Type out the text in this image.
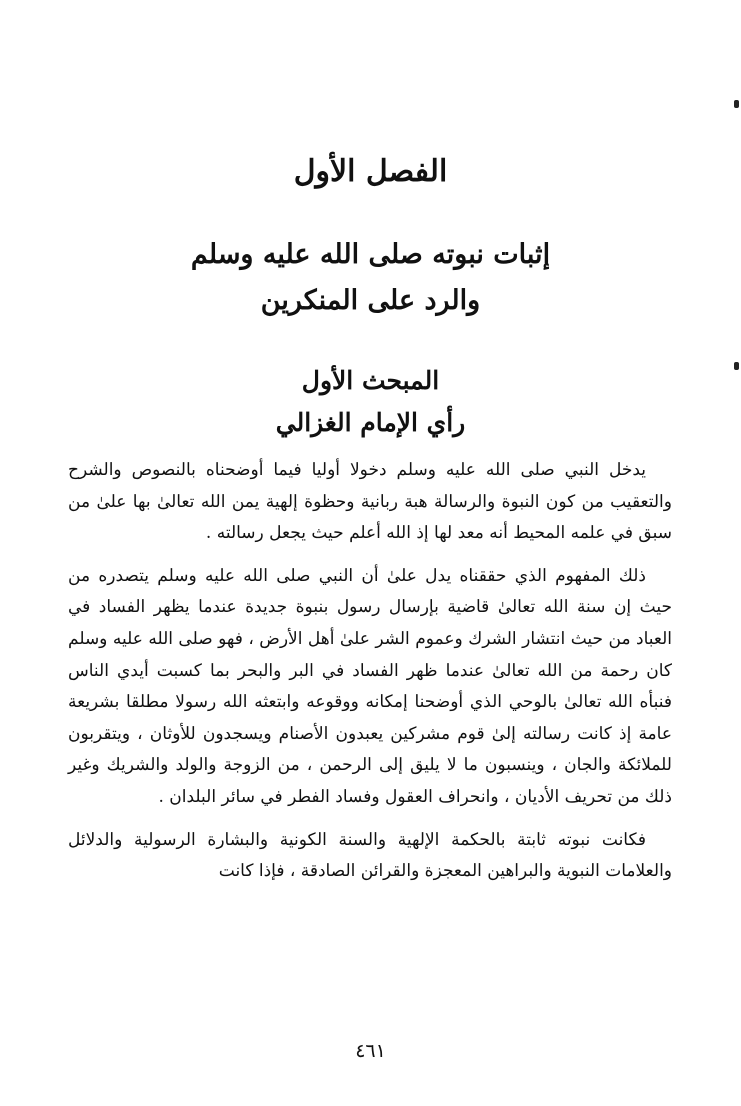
الفصل الأول
إثبات نبوته صلى الله عليه وسلم
والرد على المنكرين
المبحث الأول
رأي الإمام الغزالي

يدخل النبي صلى الله عليه وسلم دخولا أوليا فيما أوضحناه بالنصوص والشرح والتعقيب من كون النبوة والرسالة هبة ربانية وحظوة إلهية يمن الله تعالىٰ بها علىٰ من سبق في علمه المحيط أنه معد لها إذ الله أعلم حيث يجعل رسالته .

ذلك المفهوم الذي حققناه يدل علىٰ أن النبي صلى الله عليه وسلم يتصدره من حيث إن سنة الله تعالىٰ قاضية بإرسال رسول بنبوة جديدة عندما يظهر الفساد في العباد من حيث انتشار الشرك وعموم الشر علىٰ أهل الأرض ، فهو صلى الله عليه وسلم كان رحمة من الله تعالىٰ عندما ظهر الفساد في البر والبحر بما كسبت أيدي الناس فنبأه الله تعالىٰ بالوحي الذي أوضحنا إمكانه ووقوعه وابتعثه الله رسولا مطلقا بشريعة عامة إذ كانت رسالته إلىٰ قوم مشركين يعبدون الأصنام ويسجدون للأوثان ، ويتقربون للملائكة والجان ، وينسبون ما لا يليق إلى الرحمن ، من الزوجة والولد والشريك وغير ذلك من تحريف الأديان ، وانحراف العقول وفساد الفطر في سائر البلدان .

فكانت نبوته ثابتة بالحكمة الإلهية والسنة الكونية والبشارة الرسولية والدلائل والعلامات النبوية والبراهين المعجزة والقرائن الصادقة ، فإذا كانت

٤٦١
